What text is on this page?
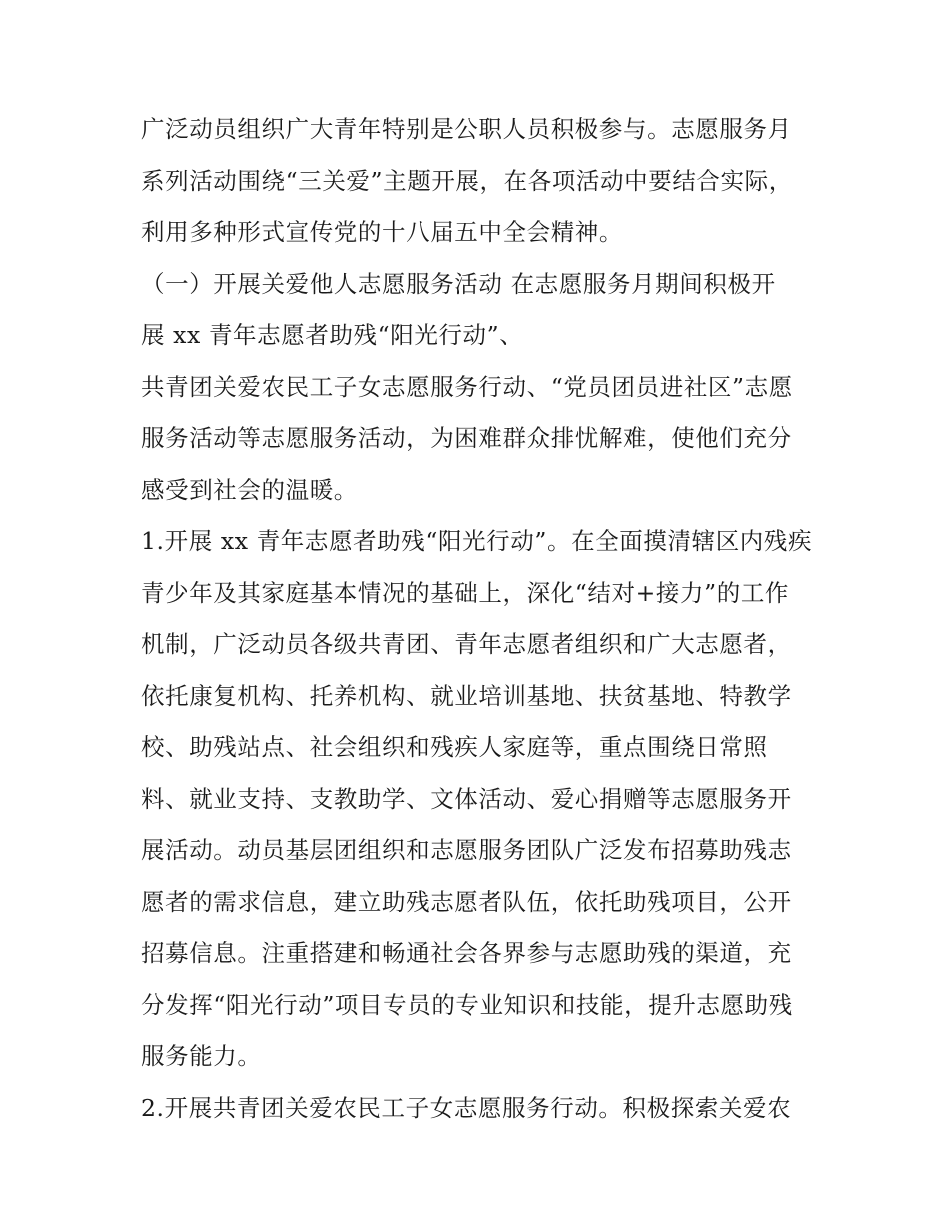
广泛动员组织广大青年特别是公职人员积极参与。志愿服务月
系列活动围绕“三关爱”主题开展，在各项活动中要结合实际，
利用多种形式宣传党的十八届五中全会精神。
（一）开展关爱他人志愿服务活动 在志愿服务月期间积极开
展 xx 青年志愿者助残“阳光行动”、
共青团关爱农民工子女志愿服务行动、“党员团员进社区”志愿
服务活动等志愿服务活动，为困难群众排忧解难，使他们充分
感受到社会的温暖。
1.开展 xx 青年志愿者助残“阳光行动”。在全面摸清辖区内残疾
青少年及其家庭基本情况的基础上，深化“结对+接力”的工作
机制，广泛动员各级共青团、青年志愿者组织和广大志愿者，
依托康复机构、托养机构、就业培训基地、扶贫基地、特教学
校、助残站点、社会组织和残疾人家庭等，重点围绕日常照
料、就业支持、支教助学、文体活动、爱心捐赠等志愿服务开
展活动。动员基层团组织和志愿服务团队广泛发布招募助残志
愿者的需求信息，建立助残志愿者队伍，依托助残项目，公开
招募信息。注重搭建和畅通社会各界参与志愿助残的渠道，充
分发挥“阳光行动”项目专员的专业知识和技能，提升志愿助残
服务能力。
2.开展共青团关爱农民工子女志愿服务行动。积极探索关爱农
